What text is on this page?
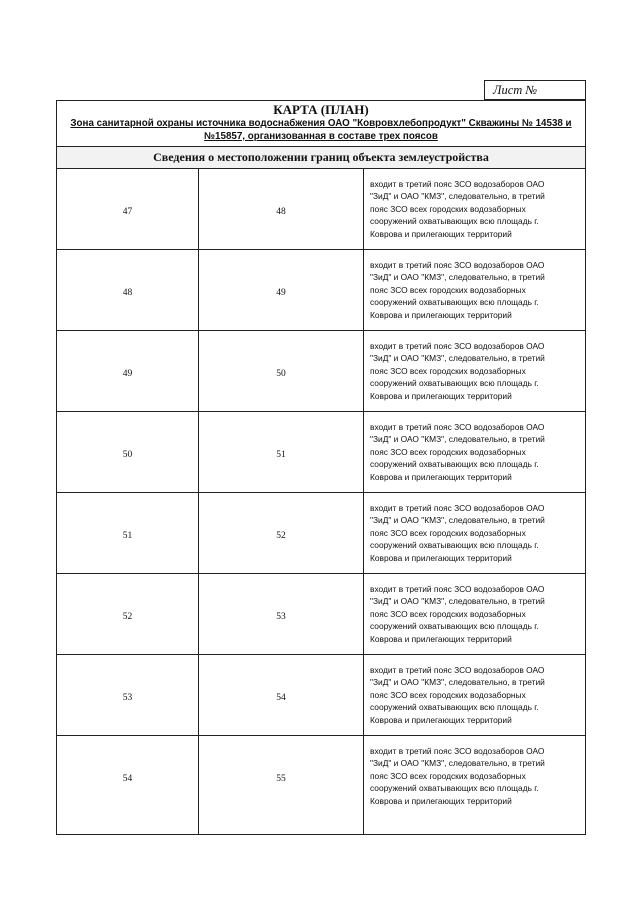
Лист №
КАРТА (ПЛАН)
Зона санитарной охраны источника водоснабжения ОАО "Ковровхлебопродукт" Скважины № 14538 и
№15857, организованная в составе трех поясов
Сведения о местоположении границ объекта землеустройства
47	48
входит в третий пояс ЗСО водозаборов ОАО
"ЗиД" и ОАО "КМЗ", следовательно, в третий
пояс ЗСО всех городских водозаборных
сооружений охватывающих всю площадь г.
Коврова и прилегающих территорий
48	49
входит в третий пояс ЗСО водозаборов ОАО
"ЗиД" и ОАО "КМЗ", следовательно, в третий
пояс ЗСО всех городских водозаборных
сооружений охватывающих всю площадь г.
Коврова и прилегающих территорий
49	50
входит в третий пояс ЗСО водозаборов ОАО
"ЗиД" и ОАО "КМЗ", следовательно, в третий
пояс ЗСО всех городских водозаборных
сооружений охватывающих всю площадь г.
Коврова и прилегающих территорий
50	51
входит в третий пояс ЗСО водозаборов ОАО
"ЗиД" и ОАО "КМЗ", следовательно, в третий
пояс ЗСО всех городских водозаборных
сооружений охватывающих всю площадь г.
Коврова и прилегающих территорий
51	52
входит в третий пояс ЗСО водозаборов ОАО
"ЗиД" и ОАО "КМЗ", следовательно, в третий
пояс ЗСО всех городских водозаборных
сооружений охватывающих всю площадь г.
Коврова и прилегающих территорий
52	53
входит в третий пояс ЗСО водозаборов ОАО
"ЗиД" и ОАО "КМЗ", следовательно, в третий
пояс ЗСО всех городских водозаборных
сооружений охватывающих всю площадь г.
Коврова и прилегающих территорий
53	54
входит в третий пояс ЗСО водозаборов ОАО
"ЗиД" и ОАО "КМЗ", следовательно, в третий
пояс ЗСО всех городских водозаборных
сооружений охватывающих всю площадь г.
Коврова и прилегающих территорий
54	55
входит в третий пояс ЗСО водозаборов ОАО
"ЗиД" и ОАО "КМЗ", следовательно, в третий
пояс ЗСО всех городских водозаборных
сооружений охватывающих всю площадь г.
Коврова и прилегающих территорий
